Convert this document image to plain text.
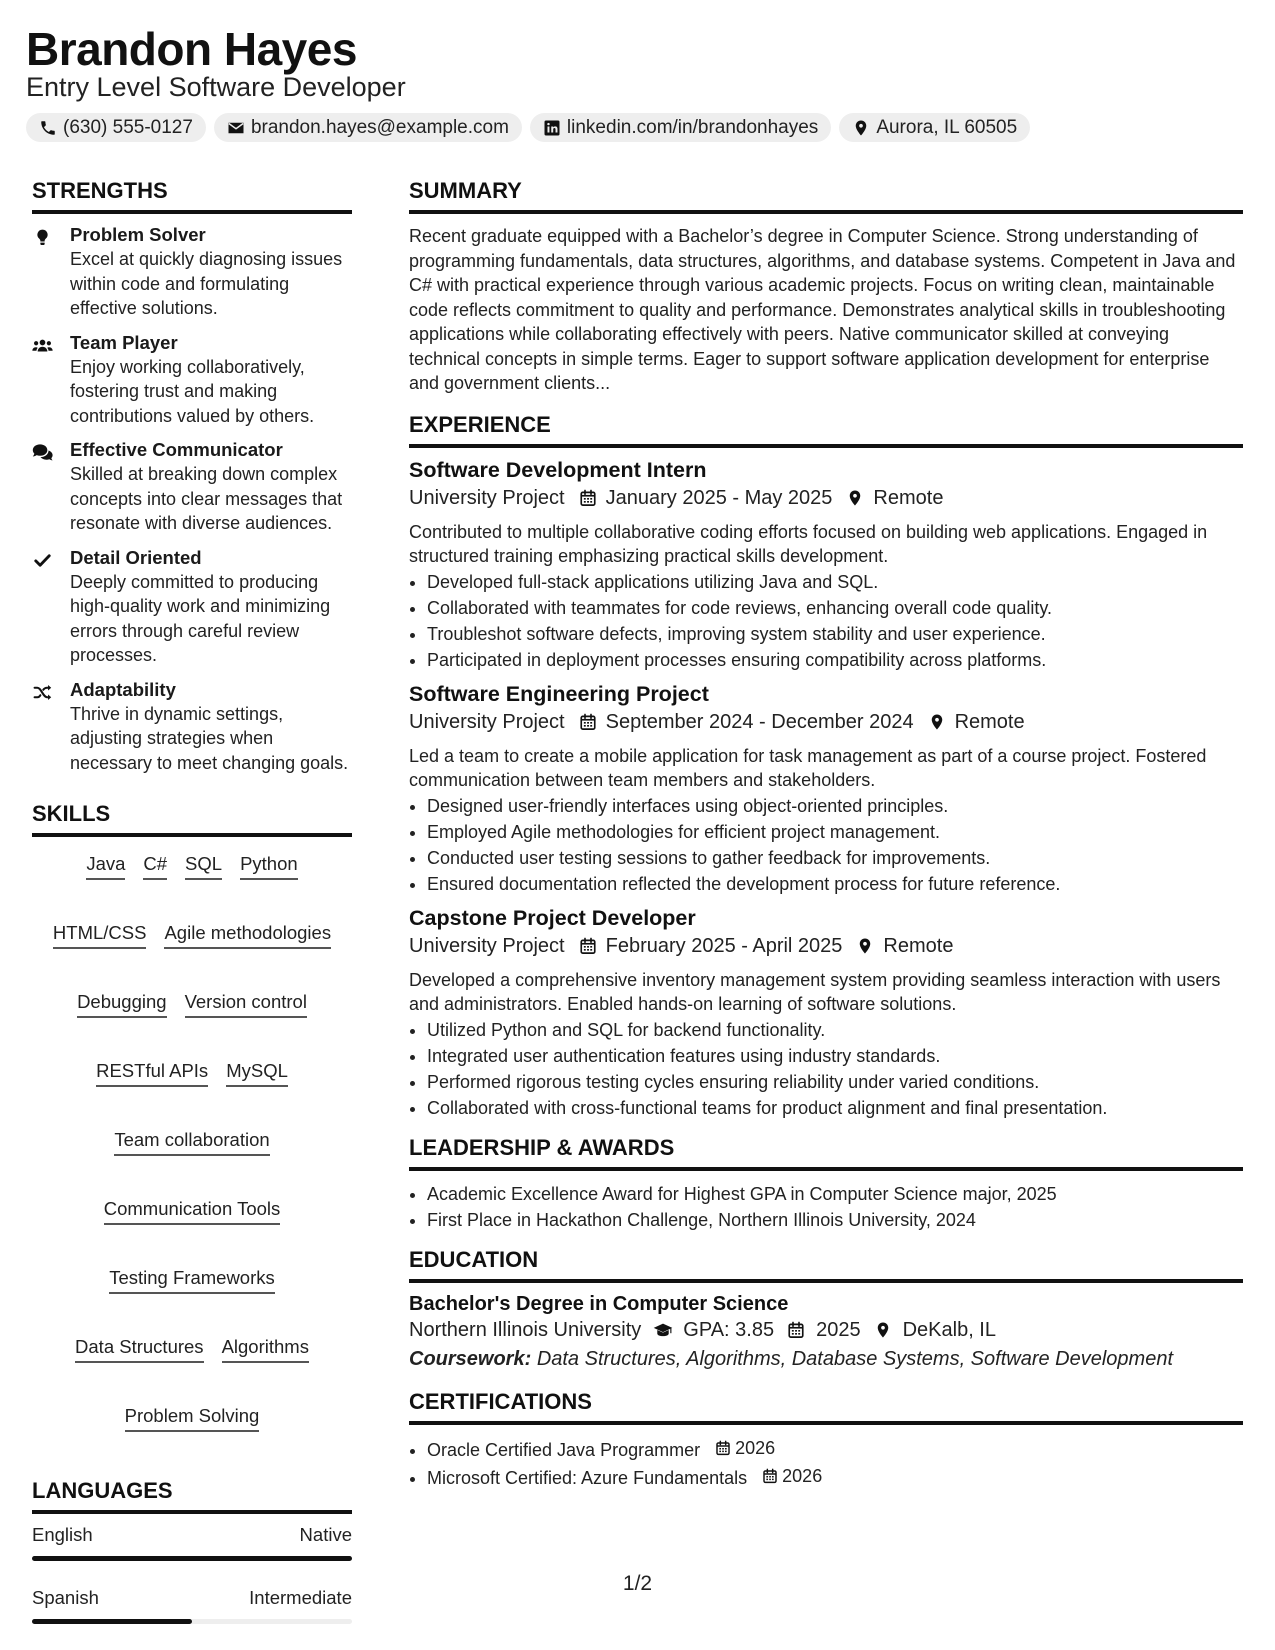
Brandon Hayes
Entry Level Software Developer
(630) 555-0127	brandon.hayes@example.com	linkedin.com/in/brandonhayes	Aurora, IL 60505
STRENGTHS
Problem Solver
Excel at quickly diagnosing issues within code and formulating effective solutions.
Team Player
Enjoy working collaboratively, fostering trust and making contributions valued by others.
Effective Communicator
Skilled at breaking down complex concepts into clear messages that resonate with diverse audiences.
Detail Oriented
Deeply committed to producing high-quality work and minimizing errors through careful review processes.
Adaptability
Thrive in dynamic settings, adjusting strategies when necessary to meet changing goals.
SKILLS
Java C# SQL Python
HTML/CSS Agile methodologies
Debugging Version control
RESTful APIs MySQL
Team collaboration
Communication Tools
Testing Frameworks
Data Structures Algorithms
Problem Solving
LANGUAGES
English	Native
Spanish	Intermediate
SUMMARY
Recent graduate equipped with a Bachelor’s degree in Computer Science. Strong understanding of programming fundamentals, data structures, algorithms, and database systems. Competent in Java and C# with practical experience through various academic projects. Focus on writing clean, maintainable code reflects commitment to quality and performance. Demonstrates analytical skills in troubleshooting applications while collaborating effectively with peers. Native communicator skilled at conveying technical concepts in simple terms. Eager to support software application development for enterprise and government clients...
EXPERIENCE
Software Development Intern
University Project January 2025 - May 2025 Remote
Contributed to multiple collaborative coding efforts focused on building web applications. Engaged in structured training emphasizing practical skills development.
• Developed full-stack applications utilizing Java and SQL.
• Collaborated with teammates for code reviews, enhancing overall code quality.
• Troubleshot software defects, improving system stability and user experience.
• Participated in deployment processes ensuring compatibility across platforms.
Software Engineering Project
University Project September 2024 - December 2024 Remote
Led a team to create a mobile application for task management as part of a course project. Fostered communication between team members and stakeholders.
• Designed user-friendly interfaces using object-oriented principles.
• Employed Agile methodologies for efficient project management.
• Conducted user testing sessions to gather feedback for improvements.
• Ensured documentation reflected the development process for future reference.
Capstone Project Developer
University Project February 2025 - April 2025 Remote
Developed a comprehensive inventory management system providing seamless interaction with users and administrators. Enabled hands-on learning of software solutions.
• Utilized Python and SQL for backend functionality.
• Integrated user authentication features using industry standards.
• Performed rigorous testing cycles ensuring reliability under varied conditions.
• Collaborated with cross-functional teams for product alignment and final presentation.
LEADERSHIP & AWARDS
• Academic Excellence Award for Highest GPA in Computer Science major, 2025
• First Place in Hackathon Challenge, Northern Illinois University, 2024
EDUCATION
Bachelor's Degree in Computer Science
Northern Illinois University GPA: 3.85 2025 DeKalb, IL
Coursework: Data Structures, Algorithms, Database Systems, Software Development
CERTIFICATIONS
• Oracle Certified Java Programmer 2026
• Microsoft Certified: Azure Fundamentals 2026
1/2
